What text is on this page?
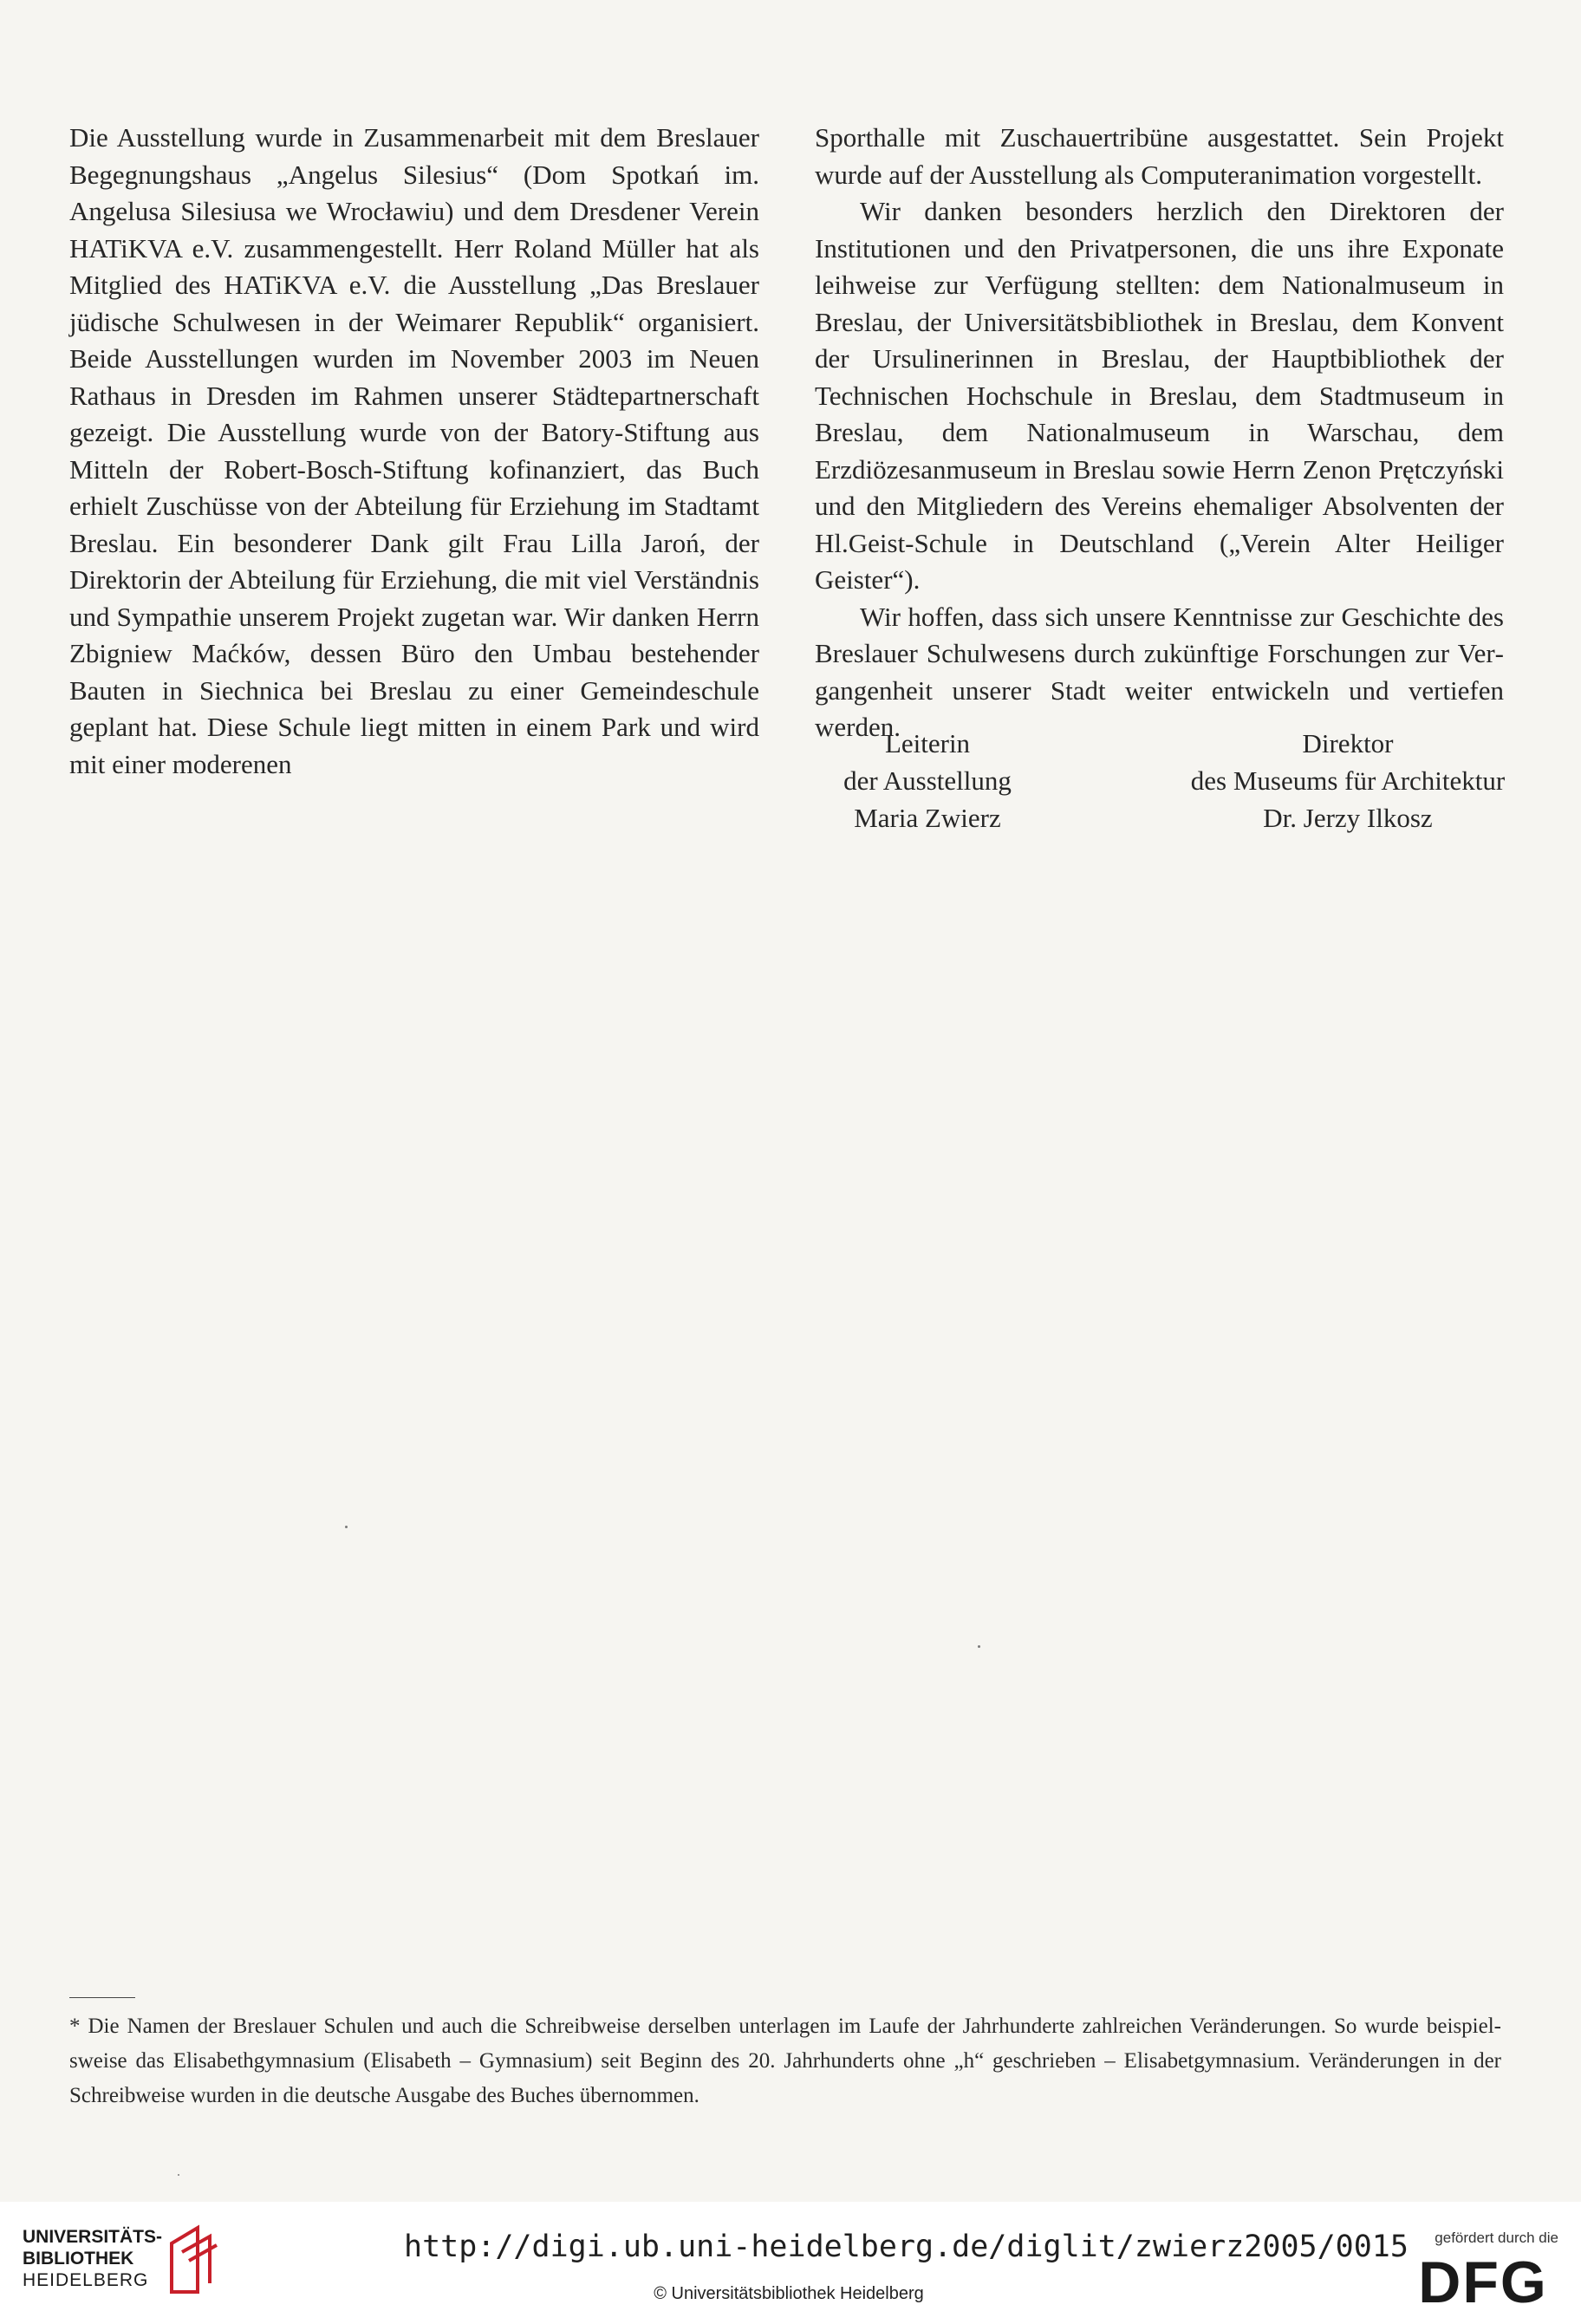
Die Ausstellung wurde in Zusammenarbeit mit dem Breslauer Begegnungshaus „Angelus Silesius“ (Dom Spotkań im. Angelusa Silesiusa we Wrocławiu) und dem Dresdener Verein HATiKVA e.V. zusammengestellt. Herr Roland Müller hat als Mitglied des HATiKVA e.V. die Ausstellung „Das Breslauer jüdische Schulwesen in der Weimarer Republik“ organisiert. Beide Ausstellungen wurden im November 2003 im Neuen Rathaus in Dresden im Rahmen unserer Städtepartnerschaft gezeigt. Die Ausstellung wurde von der Batory-Stiftung aus Mitteln der Robert-Bosch-Stiftung kofinanziert, das Buch erhielt Zuschüsse von der Abteilung für Erziehung im Stadtamt Breslau. Ein besonderer Dank gilt Frau Lilla Jaroń, der Direktorin der Abteilung für Erziehung, die mit viel Verständnis und Sympathie unserem Projekt zugetan war. Wir danken Herrn Zbigniew Maćków, dessen Büro den Umbau bestehender Bauten in Siechnica bei Breslau zu einer Gemeindeschule geplant hat. Diese Schule liegt mitten in einem Park und wird mit einer moderenen

Sporthalle mit Zuschauertribüne ausgestattet. Sein Projekt wurde auf der Ausstellung als Computeranimation vorgestellt.

Wir danken besonders herzlich den Direktoren der Institutionen und den Privatpersonen, die uns ihre Exponate leihweise zur Verfügung stellten: dem Nationalmuseum in Breslau, der Universitätsbibliothek in Breslau, dem Konvent der Ursulinerinnen in Breslau, der Hauptbibliothek der Technischen Hochschule in Breslau, dem Stadtmuseum in Breslau, dem Nationalmuseum in Warschau, dem Erzdiözesanmuseum in Breslau sowie Herrn Zenon Prętczyński und den Mitgliedern des Vereins ehemaliger Absolventen der Hl.Geist-Schule in Deutschland („Verein Alter Heiliger Geister“).

Wir hoffen, dass sich unsere Kenntnisse zur Geschichte des Breslauer Schulwesens durch zukünftige Forschungen zur Vergangenheit unserer Stadt weiter entwickeln und vertiefen werden.

Leiterin
der Ausstellung
Maria Zwierz
Direktor
des Museums für Architektur
Dr. Jerzy Ilkosz
* Die Namen der Breslauer Schulen und auch die Schreibweise derselben unterlagen im Laufe der Jahrhunderte zahlreichen Veränderungen. So wurde beispielsweise das Elisabethgymnasium (Elisabeth – Gymnasium) seit Beginn des 20. Jahrhunderts ohne „h“ geschrieben – Elisabetgymnasium. Veränderungen in der Schreibweise wurden in die deutsche Ausgabe des Buches übernommen.
UNIVERSITÄTS-
BIBLIOTHEK
HEIDELBERG
http://digi.ub.uni-heidelberg.de/diglit/zwierz2005/0015
© Universitätsbibliothek Heidelberg
gefördert durch die
DFG
